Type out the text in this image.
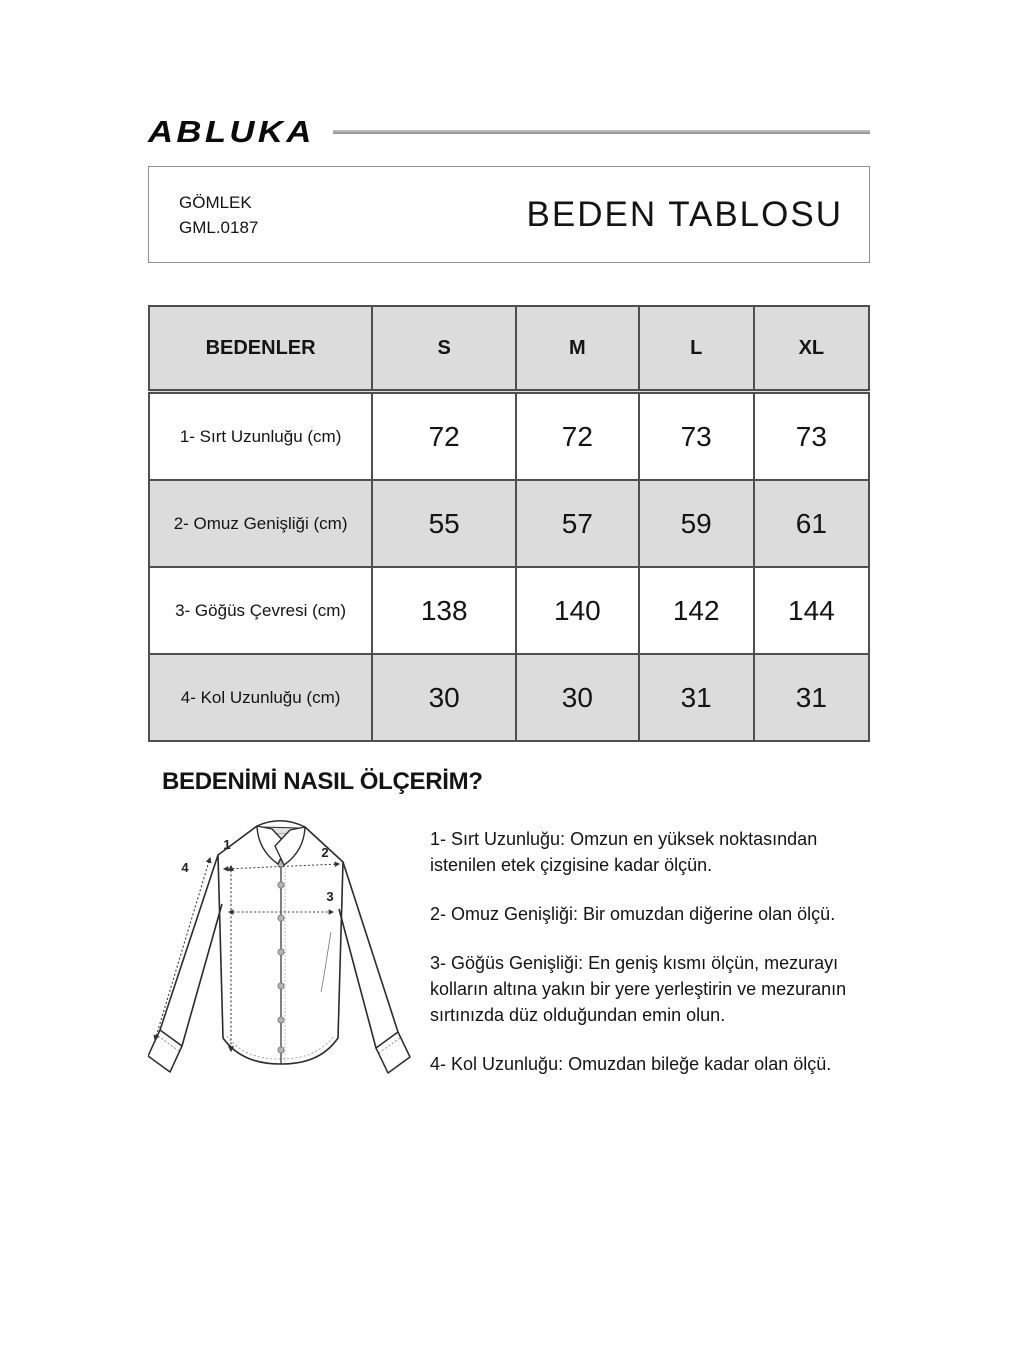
ABLUKA
GÖMLEK
GML.0187	BEDEN TABLOSU
BEDENLER	S	M	L	XL
1- Sırt Uzunluğu (cm)	72	72	73	73
2- Omuz Genişliği (cm)	55	57	59	61
3- Göğüs Çevresi (cm)	138	140	142	144
4- Kol Uzunluğu (cm)	30	30	31	31
BEDENİMİ NASIL ÖLÇERİM?
1
2
3
4

1- Sırt Uzunluğu: Omzun en yüksek noktasından istenilen etek çizgisine kadar ölçün.

2- Omuz Genişliği: Bir omuzdan diğerine olan ölçü.

3- Göğüs Genişliği: En geniş kısmı ölçün, mezurayı kolların altına yakın bir yere yerleştirin ve mezuranın sırtınızda düz olduğundan emin olun.

4- Kol Uzunluğu: Omuzdan bileğe kadar olan ölçü.
